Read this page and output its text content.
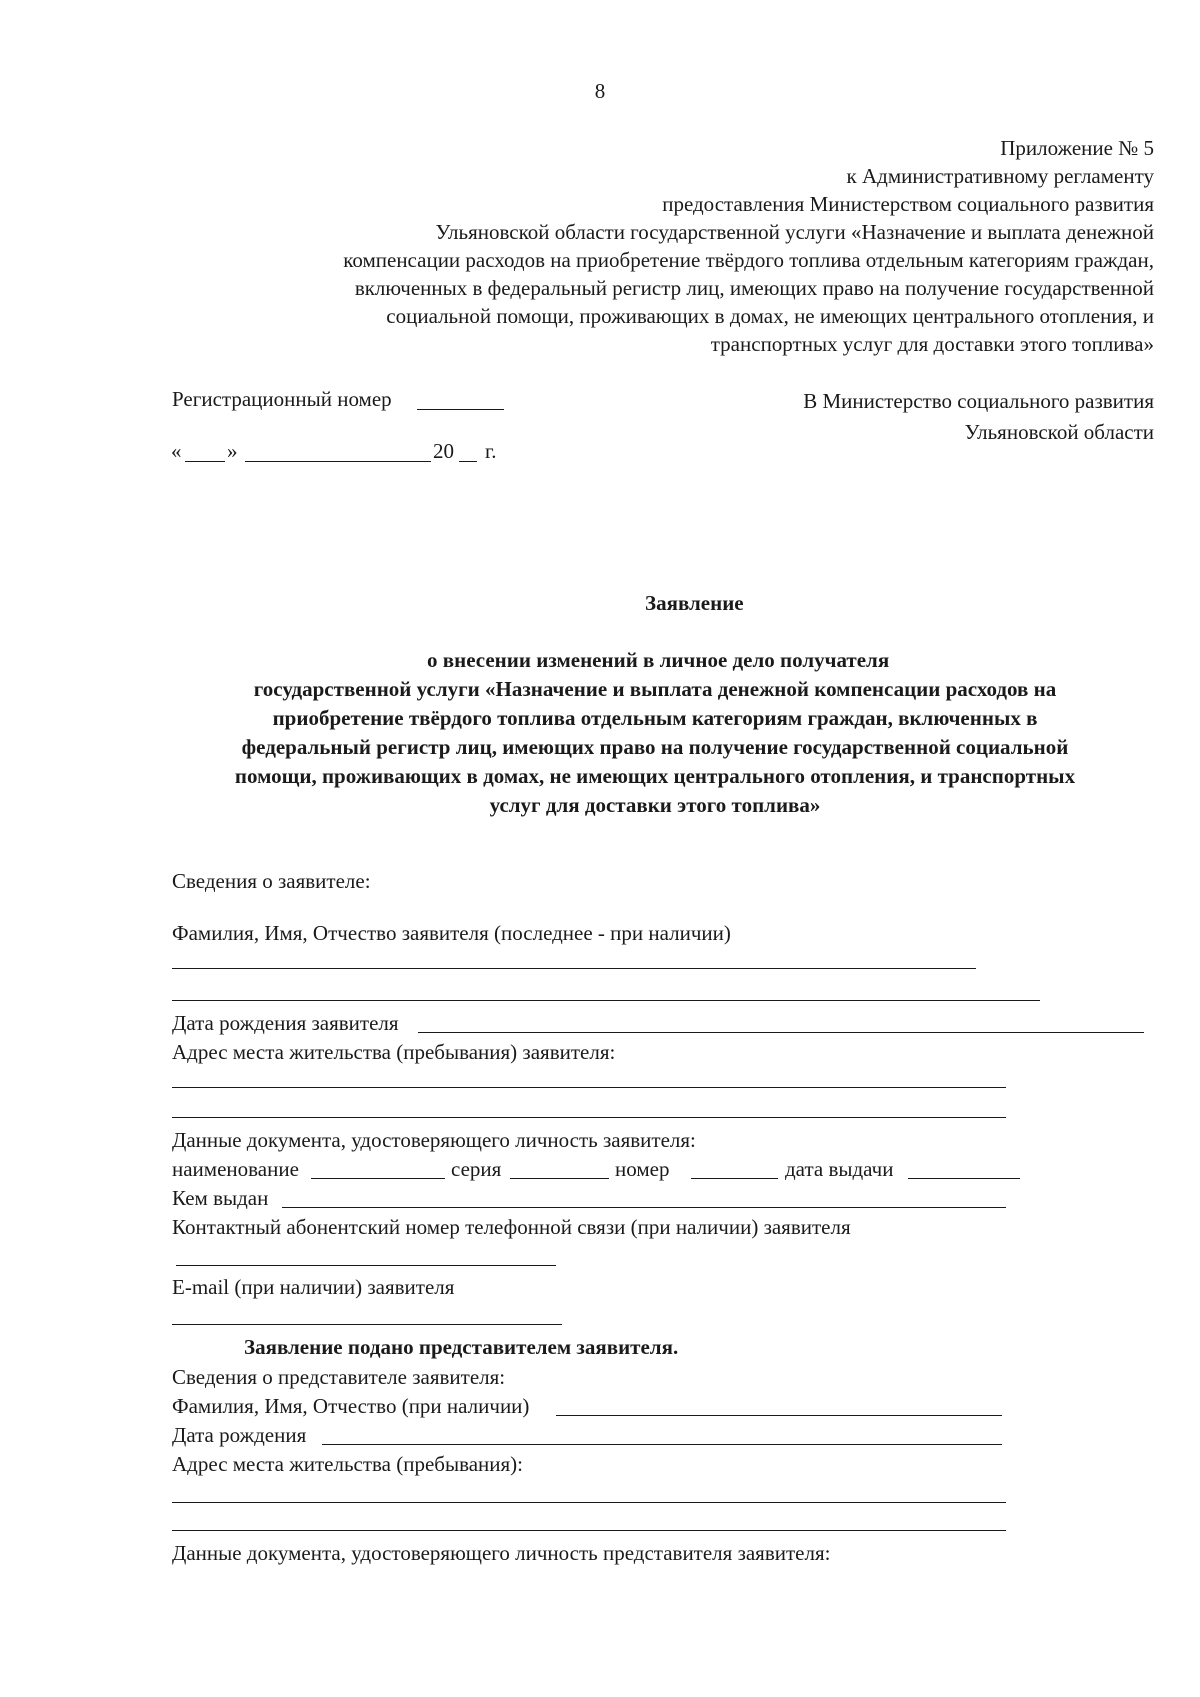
8
Приложение № 5
к Административному регламенту
предоставления Министерством социального развития
Ульяновской области государственной услуги «Назначение и выплата денежной
компенсации расходов на приобретение твёрдого топлива отдельным категориям граждан,
включенных в федеральный регистр лиц, имеющих право на получение государственной
социальной помощи, проживающих в домах, не имеющих центрального отопления, и
транспортных услуг для доставки этого топлива»
Регистрационный номер	В Министерство социального развития
Ульяновской области
« »	20 г.
Заявление
о внесении изменений в личное дело получателя
государственной услуги «Назначение и выплата денежной компенсации расходов на
приобретение твёрдого топлива отдельным категориям граждан, включенных в
федеральный регистр лиц, имеющих право на получение государственной социальной
помощи, проживающих в домах, не имеющих центрального отопления, и транспортных
услуг для доставки этого топлива»
Сведения о заявителе:
Фамилия, Имя, Отчество заявителя (последнее - при наличии)
Дата рождения заявителя
Адрес места жительства (пребывания) заявителя:
Данные документа, удостоверяющего личность заявителя:
наименование	серия	номер	дата выдачи
Кем выдан
Контактный абонентский номер телефонной связи (при наличии) заявителя
E-mail (при наличии) заявителя
Заявление подано представителем заявителя.
Сведения о представителе заявителя:
Фамилия, Имя, Отчество (при наличии)
Дата рождения
Адрес места жительства (пребывания):
Данные документа, удостоверяющего личность представителя заявителя:
